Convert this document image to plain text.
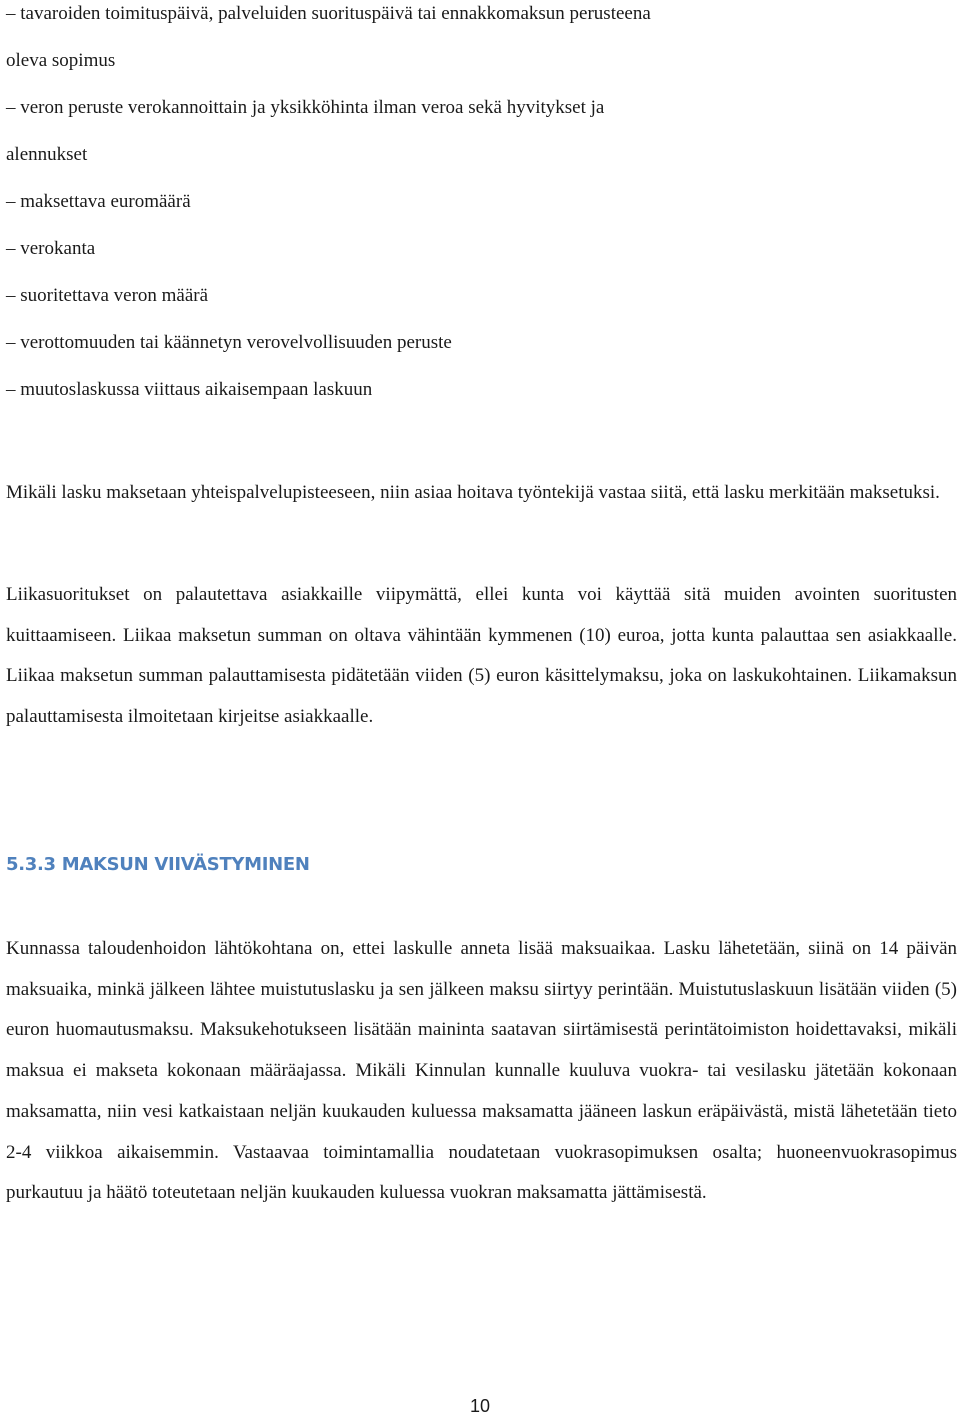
– tavaroiden toimituspäivä, palveluiden suorituspäivä tai ennakkomaksun perusteena
oleva sopimus
– veron peruste verokannoittain ja yksikköhinta ilman veroa sekä hyvitykset ja
alennukset
– maksettava euromäärä
– verokanta
– suoritettava veron määrä
– verottomuuden tai käännetyn verovelvollisuuden peruste
– muutoslaskussa viittaus aikaisempaan laskuun

Mikäli lasku maksetaan yhteispalvelupisteeseen, niin asiaa hoitava työntekijä vastaa siitä, että lasku merkitään maksetuksi.

Liikasuoritukset on palautettava asiakkaille viipymättä, ellei kunta voi käyttää sitä muiden avointen suoritusten kuittaamiseen. Liikaa maksetun summan on oltava vähintään kymmenen (10) euroa, jotta kunta palauttaa sen asiakkaalle. Liikaa maksetun summan palauttamisesta pidätetään viiden (5) euron käsittelymaksu, joka on laskukohtainen. Liikamaksun palauttamisesta ilmoitetaan kirjeitse asiakkaalle.

5.3.3 MAKSUN VIIVÄSTYMINEN

Kunnassa taloudenhoidon lähtökohtana on, ettei laskulle anneta lisää maksuaikaa. Lasku lähetetään, siinä on 14 päivän maksuaika, minkä jälkeen lähtee muistutuslasku ja sen jälkeen maksu siirtyy perintään. Muistutuslaskuun lisätään viiden (5) euron huomautusmaksu. Maksukehotukseen lisätään maininta saatavan siirtämisestä perintätoimiston hoidettavaksi, mikäli maksua ei makseta kokonaan määräajassa. Mikäli Kinnulan kunnalle kuuluva vuokra- tai vesilasku jätetään kokonaan maksamatta, niin vesi katkaistaan neljän kuukauden kuluessa maksamatta jääneen laskun eräpäivästä, mistä lähetetään tieto 2-4 viikkoa aikaisemmin. Vastaavaa toimintamallia noudatetaan vuokrasopimuksen osalta; huoneenvuokrasopimus purkautuu ja häätö toteutetaan neljän kuukauden kuluessa vuokran maksamatta jättämisestä.

10
